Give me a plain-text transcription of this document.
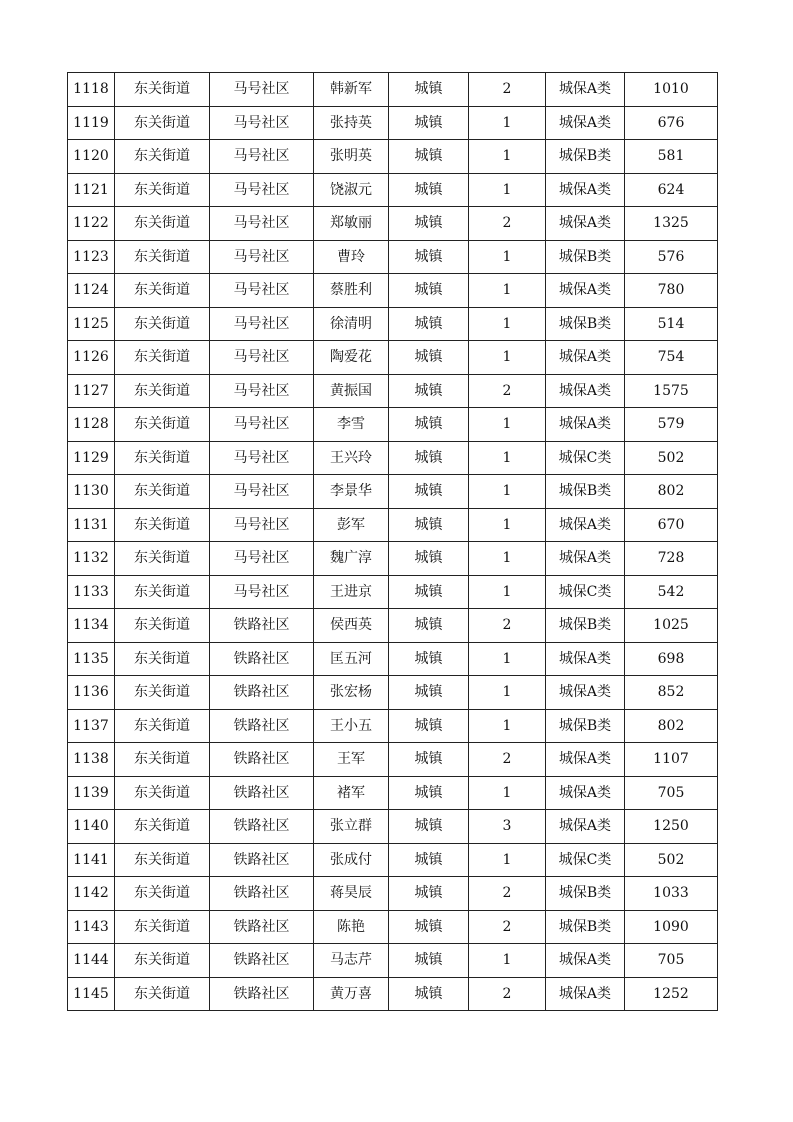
1118	东关街道	马号社区	韩新军	城镇	2	城保A类	1010
1119	东关街道	马号社区	张持英	城镇	1	城保A类	676
1120	东关街道	马号社区	张明英	城镇	1	城保B类	581
1121	东关街道	马号社区	饶淑元	城镇	1	城保A类	624
1122	东关街道	马号社区	郑敏丽	城镇	2	城保A类	1325
1123	东关街道	马号社区	曹玲	城镇	1	城保B类	576
1124	东关街道	马号社区	蔡胜利	城镇	1	城保A类	780
1125	东关街道	马号社区	徐清明	城镇	1	城保B类	514
1126	东关街道	马号社区	陶爱花	城镇	1	城保A类	754
1127	东关街道	马号社区	黄振国	城镇	2	城保A类	1575
1128	东关街道	马号社区	李雪	城镇	1	城保A类	579
1129	东关街道	马号社区	王兴玲	城镇	1	城保C类	502
1130	东关街道	马号社区	李景华	城镇	1	城保B类	802
1131	东关街道	马号社区	彭军	城镇	1	城保A类	670
1132	东关街道	马号社区	魏广淳	城镇	1	城保A类	728
1133	东关街道	马号社区	王进京	城镇	1	城保C类	542
1134	东关街道	铁路社区	侯西英	城镇	2	城保B类	1025
1135	东关街道	铁路社区	匡五河	城镇	1	城保A类	698
1136	东关街道	铁路社区	张宏杨	城镇	1	城保A类	852
1137	东关街道	铁路社区	王小五	城镇	1	城保B类	802
1138	东关街道	铁路社区	王军	城镇	2	城保A类	1107
1139	东关街道	铁路社区	褚军	城镇	1	城保A类	705
1140	东关街道	铁路社区	张立群	城镇	3	城保A类	1250
1141	东关街道	铁路社区	张成付	城镇	1	城保C类	502
1142	东关街道	铁路社区	蒋昊辰	城镇	2	城保B类	1033
1143	东关街道	铁路社区	陈艳	城镇	2	城保B类	1090
1144	东关街道	铁路社区	马志芹	城镇	1	城保A类	705
1145	东关街道	铁路社区	黄万喜	城镇	2	城保A类	1252
